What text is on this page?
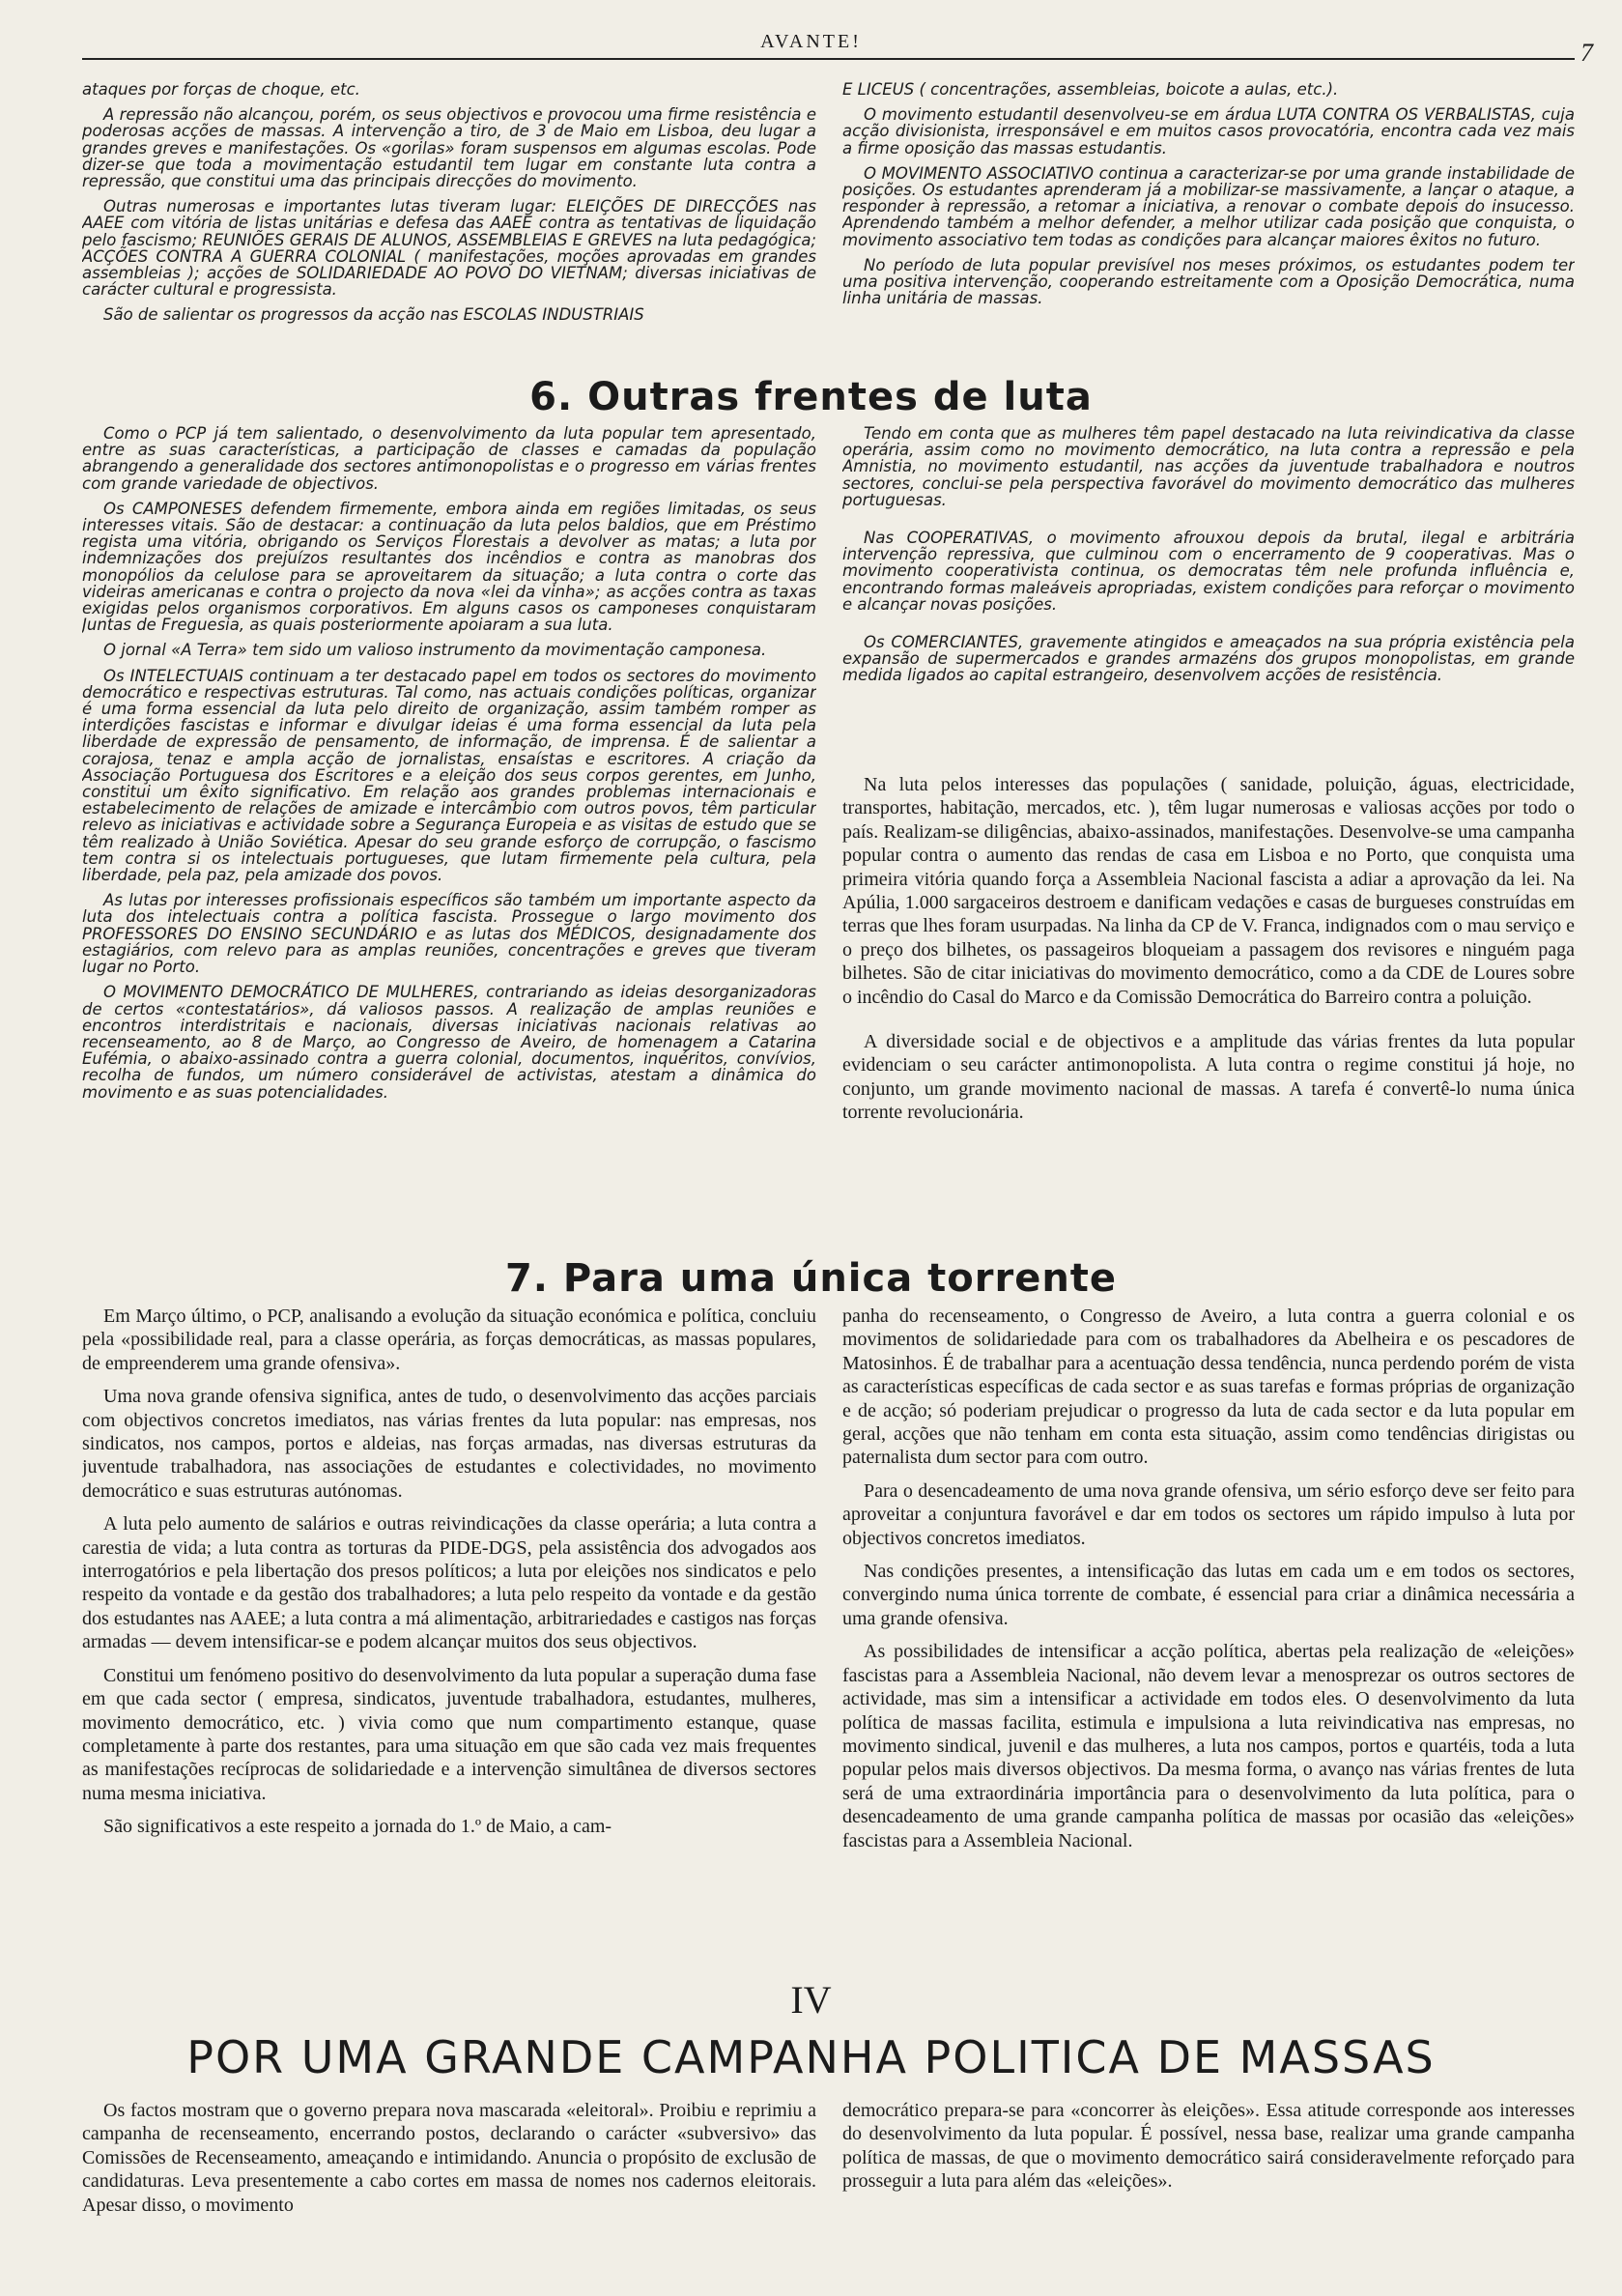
AVANTE!	7

ataques por forças de choque, etc.

A repressão não alcançou, porém, os seus objectivos e provocou uma firme resistência e poderosas acções de massas. A intervenção a tiro, de 3 de Maio em Lisboa, deu lugar a grandes greves e manifestações. Os «gorilas» foram suspensos em algumas escolas. Pode dizer-se que toda a movimentação estudantil tem lugar em constante luta contra a repressão, que constitui uma das principais direcções do movimento.

Outras numerosas e importantes lutas tiveram lugar: ELEIÇÕES DE DIRECÇÕES nas AAEE com vitória de listas unitárias e defesa das AAEE contra as tentativas de liquidação pelo fascismo; REUNIÕES GERAIS DE ALUNOS, ASSEMBLEIAS E GREVES na luta pedagógica; ACÇÕES CONTRA A GUERRA COLONIAL ( manifestações, moções aprovadas em grandes assembleias ); acções de SOLIDARIEDADE AO POVO DO VIETNAM; diversas iniciativas de carácter cultural e progressista.

São de salientar os progressos da acção nas ESCOLAS INDUSTRIAIS

E LICEUS ( concentrações, assembleias, boicote a aulas, etc.).

O movimento estudantil desenvolveu-se em árdua LUTA CONTRA OS VERBALISTAS, cuja acção divisionista, irresponsável e em muitos casos provocatória, encontra cada vez mais a firme oposição das massas estudantis.

O MOVIMENTO ASSOCIATIVO continua a caracterizar-se por uma grande instabilidade de posições. Os estudantes aprenderam já a mobilizar-se massivamente, a lançar o ataque, a responder à repressão, a retomar a iniciativa, a renovar o combate depois do insucesso. Aprendendo também a melhor defender, a melhor utilizar cada posição que conquista, o movimento associativo tem todas as condições para alcançar maiores êxitos no futuro.

No período de luta popular previsível nos meses próximos, os estudantes podem ter uma positiva intervenção, cooperando estreitamente com a Oposição Democrática, numa linha unitária de massas.

6. Outras frentes de luta

Como o PCP já tem salientado, o desenvolvimento da luta popular tem apresentado, entre as suas características, a participação de classes e camadas da população abrangendo a generalidade dos sectores antimonopolistas e o progresso em várias frentes com grande variedade de objectivos.

Os CAMPONESES defendem firmemente, embora ainda em regiões limitadas, os seus interesses vitais. São de destacar: a continuação da luta pelos baldios, que em Préstimo regista uma vitória, obrigando os Serviços Florestais a devolver as matas; a luta por indemnizações dos prejuízos resultantes dos incêndios e contra as manobras dos monopólios da celulose para se aproveitarem da situação; a luta contra o corte das videiras americanas e contra o projecto da nova «lei da vinha»; as acções contra as taxas exigidas pelos organismos corporativos. Em alguns casos os camponeses conquistaram Juntas de Freguesia, as quais posteriormente apoiaram a sua luta.

O jornal «A Terra» tem sido um valioso instrumento da movimentação camponesa.

Os INTELECTUAIS continuam a ter destacado papel em todos os sectores do movimento democrático e respectivas estruturas. Tal como, nas actuais condições políticas, organizar é uma forma essencial da luta pelo direito de organização, assim também romper as interdições fascistas e informar e divulgar ideias é uma forma essencial da luta pela liberdade de expressão de pensamento, de informação, de imprensa. É de salientar a corajosa, tenaz e ampla acção de jornalistas, ensaístas e escritores. A criação da Associação Portuguesa dos Escritores e a eleição dos seus corpos gerentes, em Junho, constitui um êxito significativo. Em relação aos grandes problemas internacionais e estabelecimento de relações de amizade e intercâmbio com outros povos, têm particular relevo as iniciativas e actividade sobre a Segurança Europeia e as visitas de estudo que se têm realizado à União Soviética. Apesar do seu grande esforço de corrupção, o fascismo tem contra si os intelectuais portugueses, que lutam firmemente pela cultura, pela liberdade, pela paz, pela amizade dos povos.

As lutas por interesses profissionais específicos são também um importante aspecto da luta dos intelectuais contra a política fascista. Prossegue o largo movimento dos PROFESSORES DO ENSINO SECUNDÁRIO e as lutas dos MÉDICOS, designadamente dos estagiários, com relevo para as amplas reuniões, concentrações e greves que tiveram lugar no Porto.

O MOVIMENTO DEMOCRÁTICO DE MULHERES, contrariando as ideias desorganizadoras de certos «contestatários», dá valiosos passos. A realização de amplas reuniões e encontros interdistritais e nacionais, diversas iniciativas nacionais relativas ao recenseamento, ao 8 de Março, ao Congresso de Aveiro, de homenagem a Catarina Eufémia, o abaixo-assinado contra a guerra colonial, documentos, inquéritos, convívios, recolha de fundos, um número considerável de activistas, atestam a dinâmica do movimento e as suas potencialidades.

Tendo em conta que as mulheres têm papel destacado na luta reivindicativa da classe operária, assim como no movimento democrático, na luta contra a repressão e pela Amnistia, no movimento estudantil, nas acções da juventude trabalhadora e noutros sectores, conclui-se pela perspectiva favorável do movimento democrático das mulheres portuguesas.

Nas COOPERATIVAS, o movimento afrouxou depois da brutal, ilegal e arbitrária intervenção repressiva, que culminou com o encerramento de 9 cooperativas. Mas o movimento cooperativista continua, os democratas têm nele profunda influência e, encontrando formas maleáveis apropriadas, existem condições para reforçar o movimento e alcançar novas posições.

Os COMERCIANTES, gravemente atingidos e ameaçados na sua própria existência pela expansão de supermercados e grandes armazéns dos grupos monopolistas, em grande medida ligados ao capital estrangeiro, desenvolvem acções de resistência.

Na luta pelos interesses das populações ( sanidade, poluição, águas, electricidade, transportes, habitação, mercados, etc. ), têm lugar numerosas e valiosas acções por todo o país. Realizam-se diligências, abaixo-assinados, manifestações. Desenvolve-se uma campanha popular contra o aumento das rendas de casa em Lisboa e no Porto, que conquista uma primeira vitória quando força a Assembleia Nacional fascista a adiar a aprovação da lei. Na Apúlia, 1.000 sargaceiros destroem e danificam vedações e casas de burgueses construídas em terras que lhes foram usurpadas. Na linha da CP de V. Franca, indignados com o mau serviço e o preço dos bilhetes, os passageiros bloqueiam a passagem dos revisores e ninguém paga bilhetes. São de citar iniciativas do movimento democrático, como a da CDE de Loures sobre o incêndio do Casal do Marco e da Comissão Democrática do Barreiro contra a poluição.

A diversidade social e de objectivos e a amplitude das várias frentes da luta popular evidenciam o seu carácter antimonopolista. A luta contra o regime constitui já hoje, no conjunto, um grande movimento nacional de massas. A tarefa é convertê-lo numa única torrente revolucionária.

7. Para uma única torrente

Em Março último, o PCP, analisando a evolução da situação económica e política, concluiu pela «possibilidade real, para a classe operária, as forças democráticas, as massas populares, de empreenderem uma grande ofensiva».

Uma nova grande ofensiva significa, antes de tudo, o desenvolvimento das acções parciais com objectivos concretos imediatos, nas várias frentes da luta popular: nas empresas, nos sindicatos, nos campos, portos e aldeias, nas forças armadas, nas diversas estruturas da juventude trabalhadora, nas associações de estudantes e colectividades, no movimento democrático e suas estruturas autónomas.

A luta pelo aumento de salários e outras reivindicações da classe operária; a luta contra a carestia de vida; a luta contra as torturas da PIDE-DGS, pela assistência dos advogados aos interrogatórios e pela libertação dos presos políticos; a luta por eleições nos sindicatos e pelo respeito da vontade e da gestão dos trabalhadores; a luta pelo respeito da vontade e da gestão dos estudantes nas AAEE; a luta contra a má alimentação, arbitrariedades e castigos nas forças armadas — devem intensificar-se e podem alcançar muitos dos seus objectivos.

Constitui um fenómeno positivo do desenvolvimento da luta popular a superação duma fase em que cada sector ( empresa, sindicatos, juventude trabalhadora, estudantes, mulheres, movimento democrático, etc. ) vivia como que num compartimento estanque, quase completamente à parte dos restantes, para uma situação em que são cada vez mais frequentes as manifestações recíprocas de solidariedade e a intervenção simultânea de diversos sectores numa mesma iniciativa.

São significativos a este respeito a jornada do 1.º de Maio, a cam-

panha do recenseamento, o Congresso de Aveiro, a luta contra a guerra colonial e os movimentos de solidariedade para com os trabalhadores da Abelheira e os pescadores de Matosinhos. É de trabalhar para a acentuação dessa tendência, nunca perdendo porém de vista as características específicas de cada sector e as suas tarefas e formas próprias de organização e de acção; só poderiam prejudicar o progresso da luta de cada sector e da luta popular em geral, acções que não tenham em conta esta situação, assim como tendências dirigistas ou paternalista dum sector para com outro.

Para o desencadeamento de uma nova grande ofensiva, um sério esforço deve ser feito para aproveitar a conjuntura favorável e dar em todos os sectores um rápido impulso à luta por objectivos concretos imediatos.

Nas condições presentes, a intensificação das lutas em cada um e em todos os sectores, convergindo numa única torrente de combate, é essencial para criar a dinâmica necessária a uma grande ofensiva.

As possibilidades de intensificar a acção política, abertas pela realização de «eleições» fascistas para a Assembleia Nacional, não devem levar a menosprezar os outros sectores de actividade, mas sim a intensificar a actividade em todos eles. O desenvolvimento da luta política de massas facilita, estimula e impulsiona a luta reivindicativa nas empresas, no movimento sindical, juvenil e das mulheres, a luta nos campos, portos e quartéis, toda a luta popular pelos mais diversos objectivos. Da mesma forma, o avanço nas várias frentes de luta será de uma extraordinária importância para o desenvolvimento da luta política, para o desencadeamento de uma grande campanha política de massas por ocasião das «eleições» fascistas para a Assembleia Nacional.

IV
POR UMA GRANDE CAMPANHA POLITICA DE MASSAS

Os factos mostram que o governo prepara nova mascarada «eleitoral». Proibiu e reprimiu a campanha de recenseamento, encerrando postos, declarando o carácter «subversivo» das Comissões de Recenseamento, ameaçando e intimidando. Anuncia o propósito de exclusão de candidaturas. Leva presentemente a cabo cortes em massa de nomes nos cadernos eleitorais. Apesar disso, o movimento

democrático prepara-se para «concorrer às eleições». Essa atitude corresponde aos interesses do desenvolvimento da luta popular. É possível, nessa base, realizar uma grande campanha política de massas, de que o movimento democrático sairá consideravelmente reforçado para prosseguir a luta para além das «eleições».
